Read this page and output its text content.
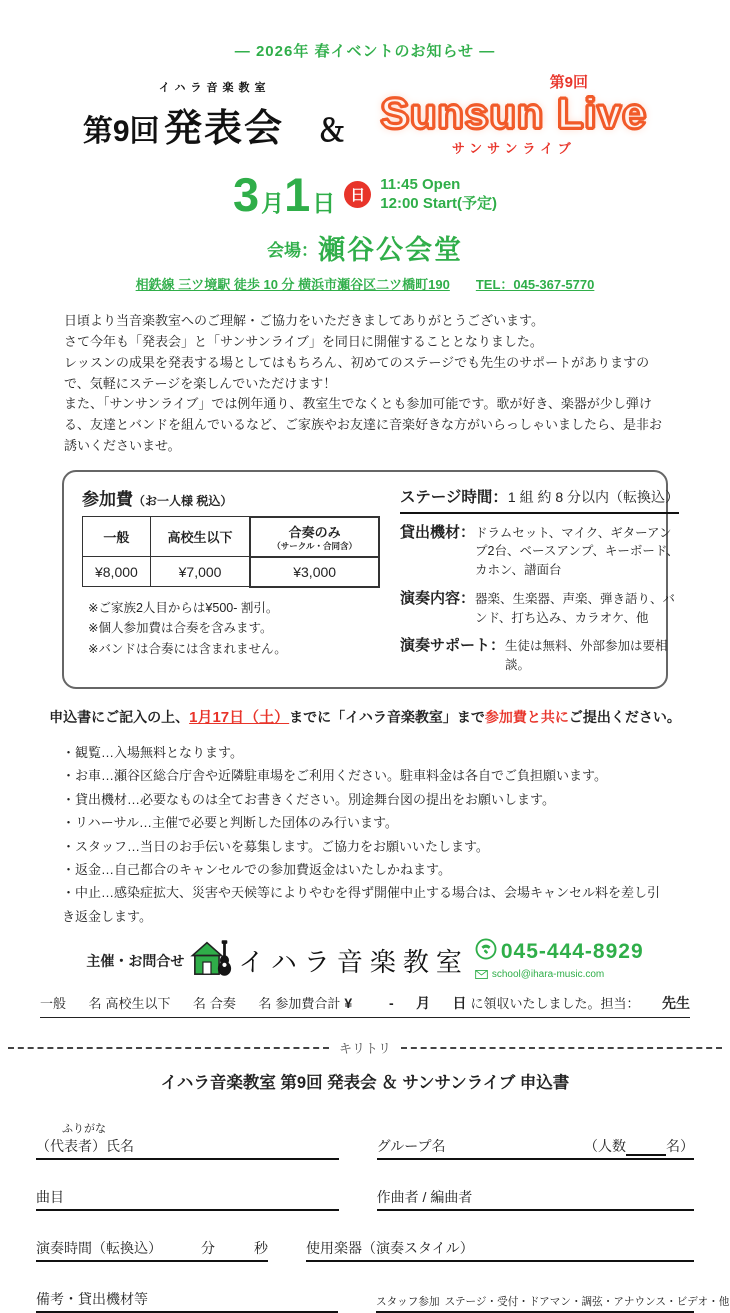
— 2026年 春イベントのお知らせ —
イハラ音楽教室
第9回 発表会 ＆
第9回
Sunsun Live
サンサンライブ
3月1日 日
11:45 Open
12:00 Start(予定)
会場：瀬谷公会堂
相鉄線 三ツ境駅 徒歩 10 分 横浜市瀬谷区二ツ橋町190 TEL：045-367-5770

日頃より当音楽教室へのご理解・ご協力をいただきましてありがとうございます。

さて今年も「発表会」と「サンサンライブ」を同日に開催することとなりました。

レッスンの成果を発表する場としてはもちろん、初めてのステージでも先生のサポートがありますので、気軽にステージを楽しんでいただけます！

また、「サンサンライブ」では例年通り、教室生でなくとも参加可能です。歌が好き、楽器が少し弾ける、友達とバンドを組んでいるなど、ご家族やお友達に音楽好きな方がいらっしゃいましたら、是非お誘いくださいませ。

参加費（お一人様 税込）
一般	高校生以下	合奏のみ
（サークル・合同含）

¥8,000	¥7,000	¥3,000
※ご家族2人目からは¥500- 割引。
※個人参加費は合奏を含みます。
※バンドは合奏には含まれません。
ステージ時間：1 組 約 8 分以内（転換込）
貸出機材： ドラムセット、マイク、ギターアンプ2台、ベースアンプ、キーボード、カホン、譜面台
演奏内容： 器楽、生楽器、声楽、弾き語り、バンド、打ち込み、カラオケ、他
演奏サポート： 生徒は無料、外部参加は要相談。
申込書にご記入の上、1月17日（土）までに「イハラ音楽教室」まで参加費と共にご提出ください。
・観覧…入場無料となります。
・お車…瀬谷区総合庁舎や近隣駐車場をご利用ください。駐車料金は各自でご負担願います。
・貸出機材…必要なものは全てお書きください。別途舞台図の提出をお願いします。
・リハーサル…主催で必要と判断した団体のみ行います。
・スタッフ…当日のお手伝いを募集します。ご協力をお願いいたします。
・返金…自己都合のキャンセルでの参加費返金はいたしかねます。
・中止…感染症拡大、災害や天候等によりやむを得ず開催中止する場合は、会場キャンセル料を差し引き返金します。
主催・お問合せ イハラ音楽教室 045-444-8929
school@ihara-music.com
一般 名 高校生以下 名 合奏 名 参加費合計 ¥	- 月 日 に領収いたしました。担当： 先生
キリトリ
イハラ音楽教室 第9回 発表会 ＆ サンサンライブ 申込書
ふりがな
（代表者）氏名	グループ名	（人数	名）
曲目	作曲者 / 編曲者
演奏時間（転換込）	分	秒	使用楽器（演奏スタイル）
備考・貸出機材等	スタッフ参加 ステージ・受付・ドアマン・調弦・アナウンス・ビデオ・他
